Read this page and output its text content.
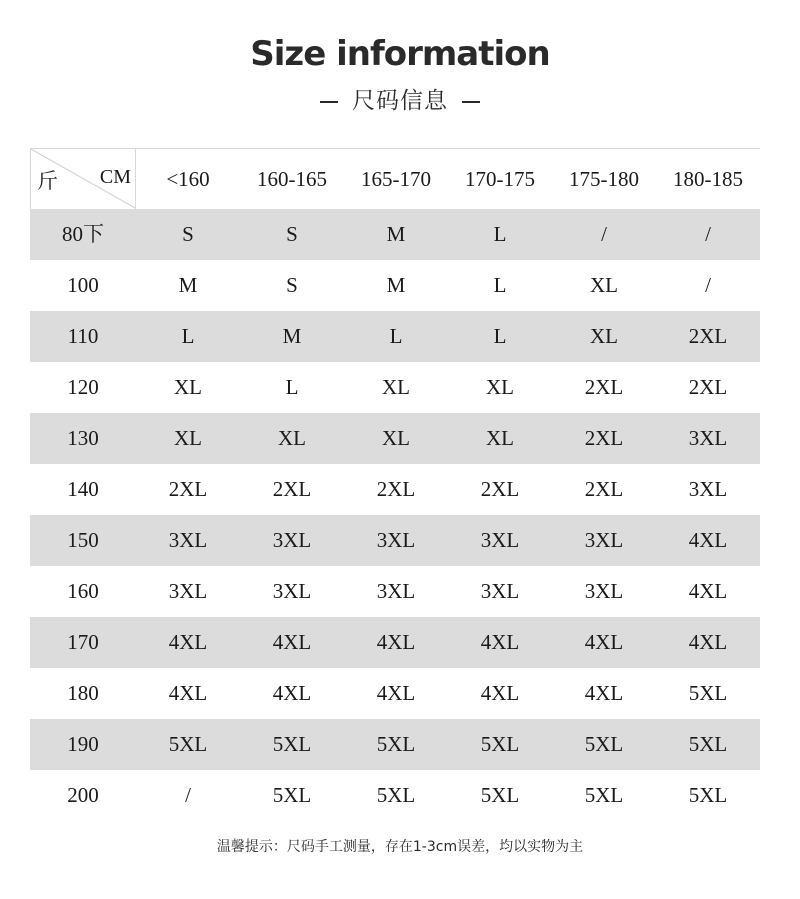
Size information
尺码信息
斤 CM	<160	160-165	165-170	170-175	175-180	180-185
80下	S	S	M	L	/	/
100	M	S	M	L	XL	/
110	L	M	L	L	XL	2XL
120	XL	L	XL	XL	2XL	2XL
130	XL	XL	XL	XL	2XL	3XL
140	2XL	2XL	2XL	2XL	2XL	3XL
150	3XL	3XL	3XL	3XL	3XL	4XL
160	3XL	3XL	3XL	3XL	3XL	4XL
170	4XL	4XL	4XL	4XL	4XL	4XL
180	4XL	4XL	4XL	4XL	4XL	5XL
190	5XL	5XL	5XL	5XL	5XL	5XL
200	/	5XL	5XL	5XL	5XL	5XL
温馨提示：尺码手工测量，存在1-3cm误差，均以实物为主
